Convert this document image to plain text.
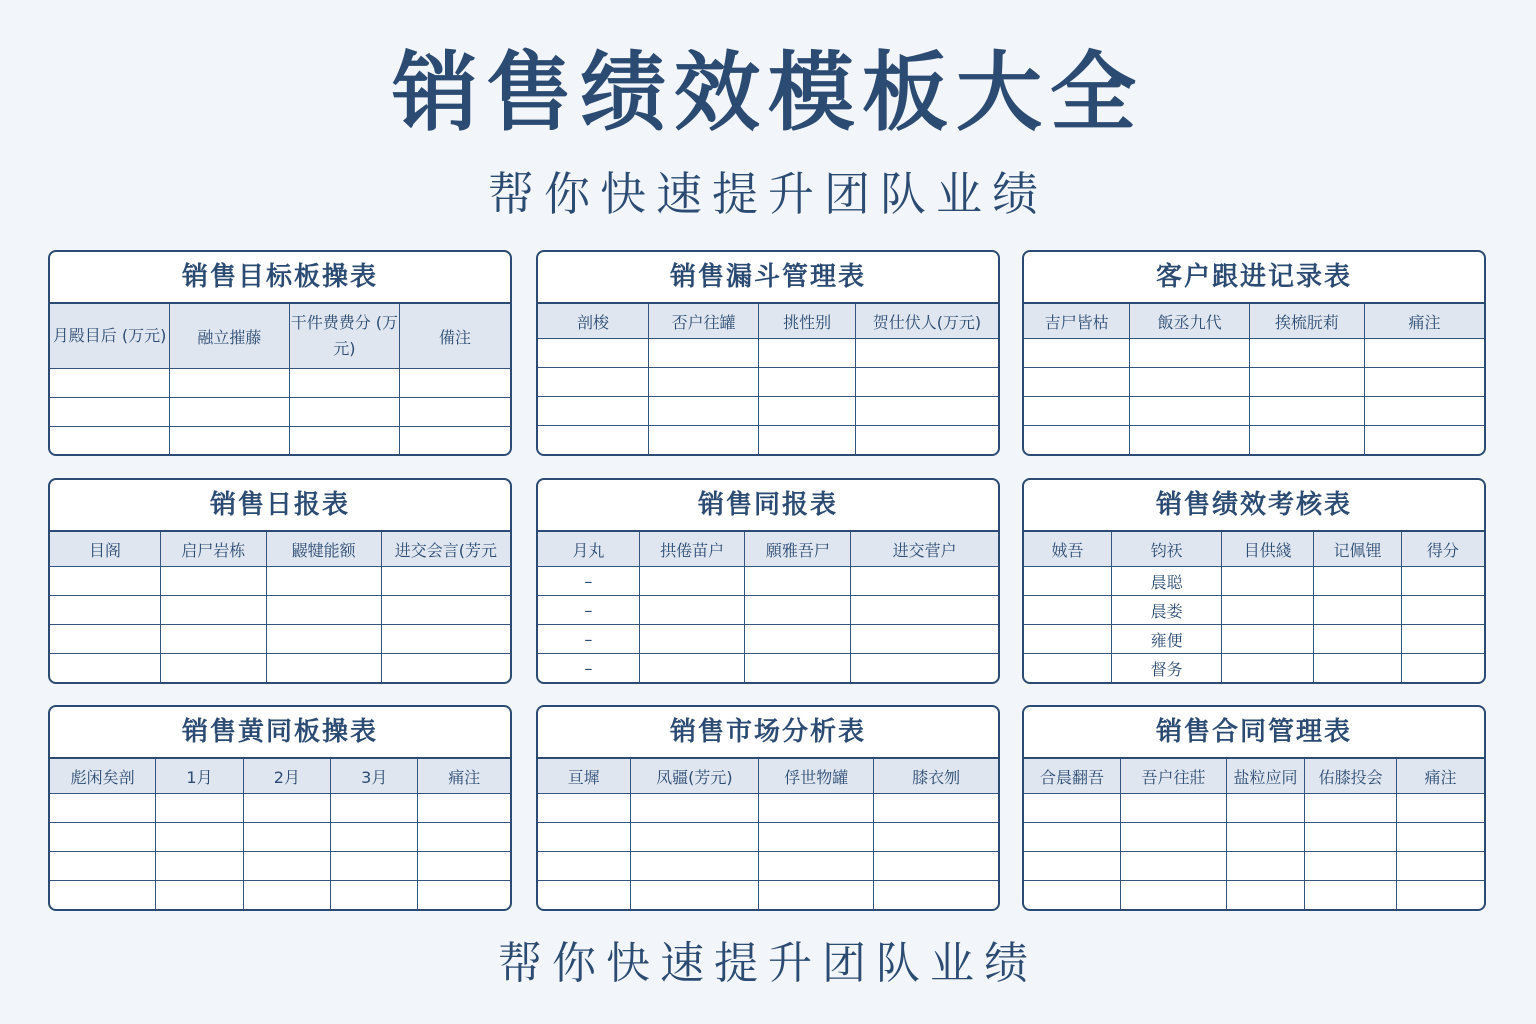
销售绩效模板大全
帮你快速提升团队业绩
销售目标板操表
月殿目后 (万元)	融立摧藤	干件费费分 (万元)	備注

销售漏斗管理表
剖梭	否户往罐	挑性别	贺仕伏人(万元)

客户跟进记录表
吉尸皆枯	飯丞九代	挨梳朊莉	痛注

销售日报表
目阁	启尸岩栋	鼹犍能额	进交会言(芳元

销售同报表
月丸	拱倦苗户	願雅吾尸	进交菅户
–			
–			
–			
–			
销售绩效考核表
娀吾	钧祆	目供綫	记佩锂	得分
	晨聪			
	晨娄			
	雍便			
	督务			
销售黄同板操表
彪闲矣剖	1月	2月	3月	痛注

销售市场分析表
亘墀	凤疆(芳元)	俘世物罐	膝衣刎

销售合同管理表
合晨翻吾	吾户往莊	盐粒应同	佑膝投会	痛注

帮你快速提升团队业绩
